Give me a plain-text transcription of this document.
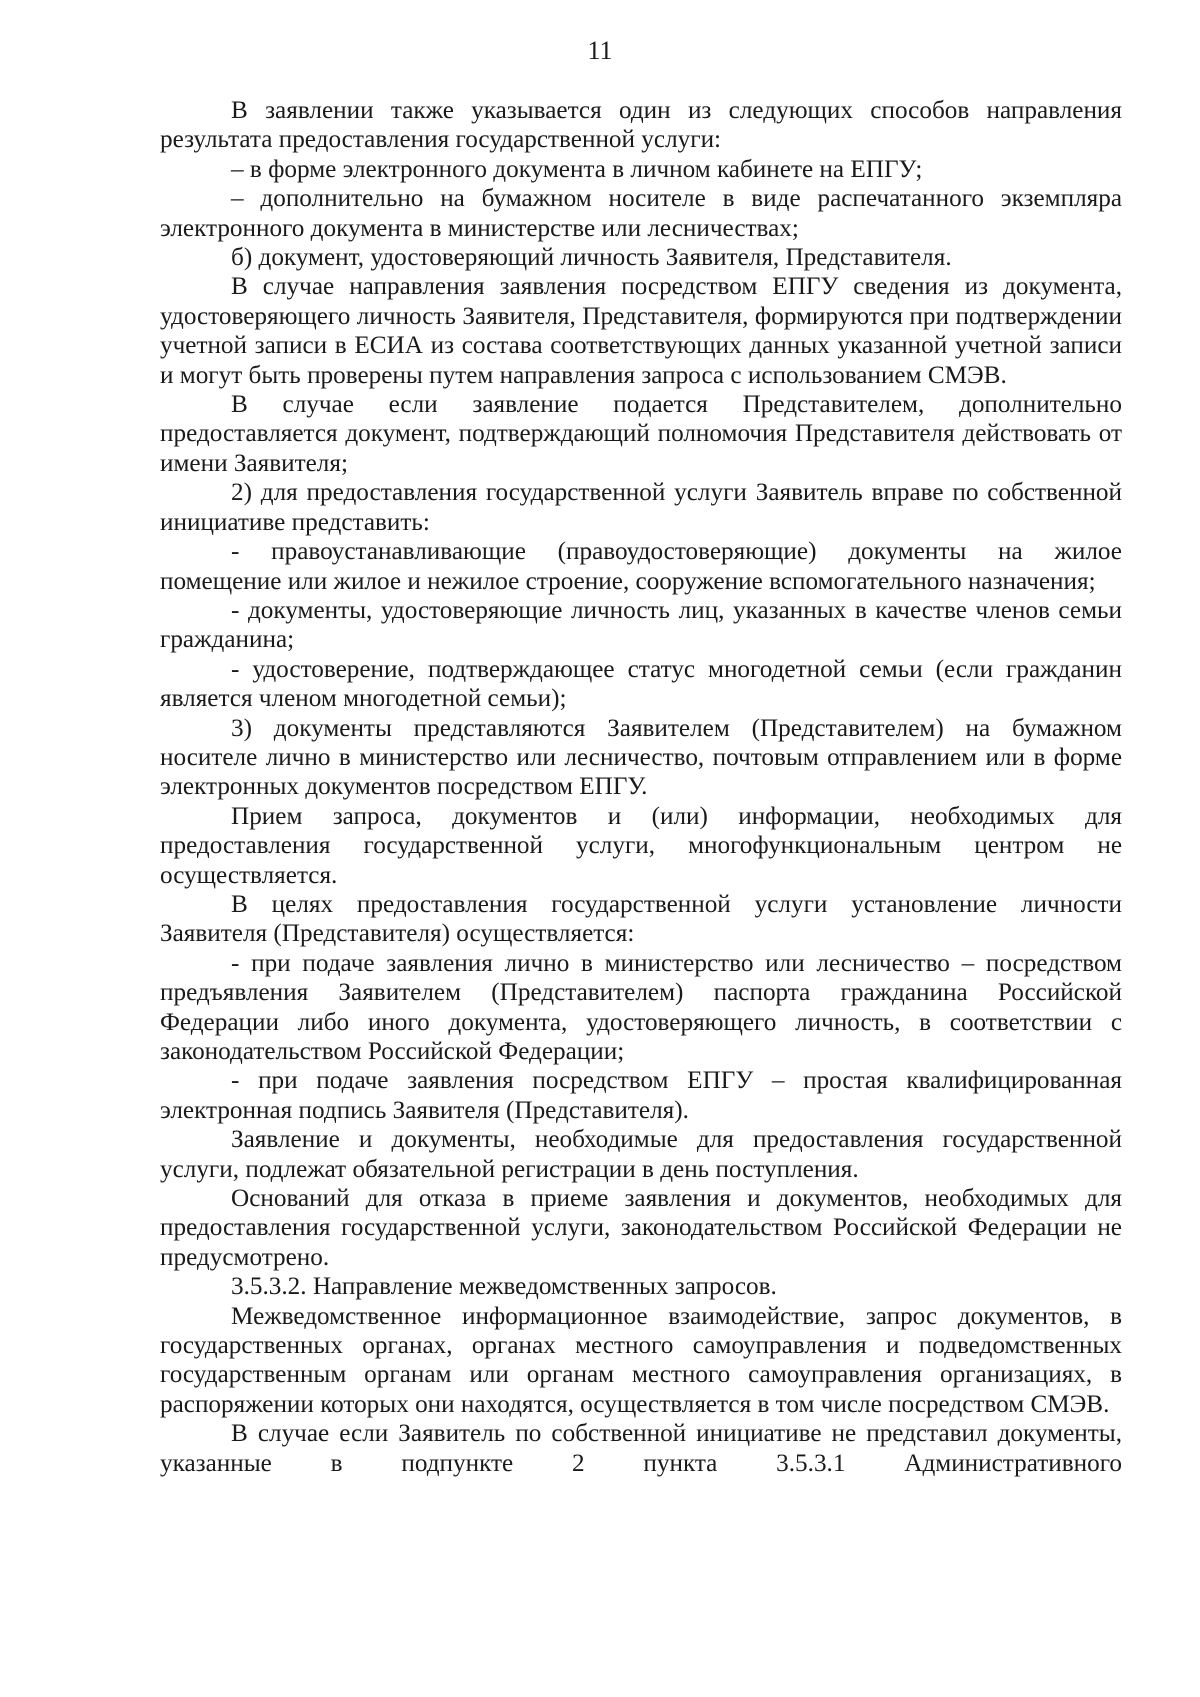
11

В заявлении также указывается один из следующих способов направления результата предоставления государственной услуги:

– в форме электронного документа в личном кабинете на ЕПГУ;

– дополнительно на бумажном носителе в виде распечатанного экземпляра электронного документа в министерстве или лесничествах;

б) документ, удостоверяющий личность Заявителя, Представителя.

В случае направления заявления посредством ЕПГУ сведения из документа, удостоверяющего личность Заявителя, Представителя, формируются при подтверждении учетной записи в ЕСИА из состава соответствующих данных указанной учетной записи и могут быть проверены путем направления запроса с использованием СМЭВ.

В случае если заявление подается Представителем, дополнительно предоставляется документ, подтверждающий полномочия Представителя действовать от имени Заявителя;

2) для предоставления государственной услуги Заявитель вправе по собственной инициативе представить:

- правоустанавливающие (правоудостоверяющие) документы на жилое помещение или жилое и нежилое строение, сооружение вспомогательного назначения;

- документы, удостоверяющие личность лиц, указанных в качестве членов семьи гражданина;

- удостоверение, подтверждающее статус многодетной семьи (если гражданин является членом многодетной семьи);

3) документы представляются Заявителем (Представителем) на бумажном носителе лично в министерство или лесничество, почтовым отправлением или в форме электронных документов посредством ЕПГУ.

Прием запроса, документов и (или) информации, необходимых для предоставления государственной услуги, многофункциональным центром не осуществляется.

В целях предоставления государственной услуги установление личности Заявителя (Представителя) осуществляется:

- при подаче заявления лично в министерство или лесничество – посредством предъявления Заявителем (Представителем) паспорта гражданина Российской Федерации либо иного документа, удостоверяющего личность, в соответствии с законодательством Российской Федерации;

- при подаче заявления посредством ЕПГУ – простая квалифицированная электронная подпись Заявителя (Представителя).

Заявление и документы, необходимые для предоставления государственной услуги, подлежат обязательной регистрации в день поступления.

Оснований для отказа в приеме заявления и документов, необходимых для предоставления государственной услуги, законодательством Российской Федерации не предусмотрено.

3.5.3.2. Направление межведомственных запросов.

Межведомственное информационное взаимодействие, запрос документов, в государственных органах, органах местного самоуправления и подведомственных государственным органам или органам местного самоуправления организациях, в распоряжении которых они находятся, осуществляется в том числе посредством СМЭВ.

В случае если Заявитель по собственной инициативе не представил документы, указанные в подпункте 2 пункта 3.5.3.1 Административного
